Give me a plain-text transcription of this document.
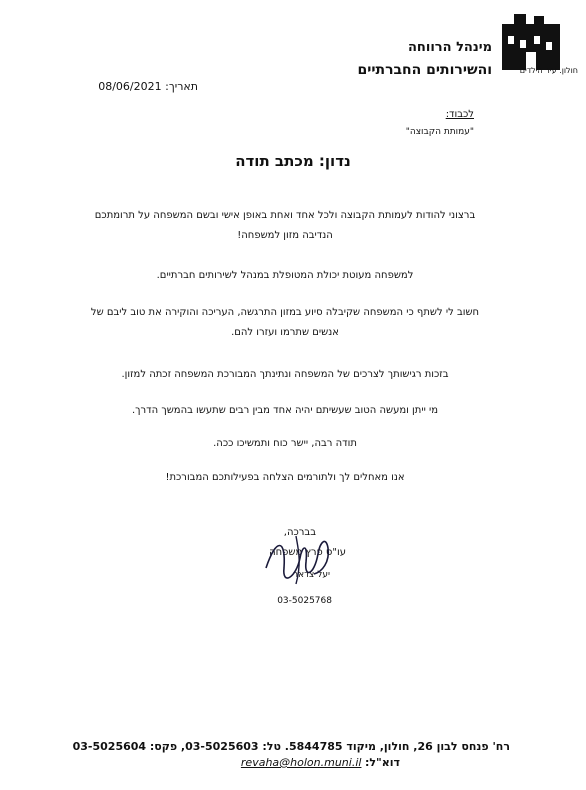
חולון. עיר הילדים
מינהל הרווחה
והשירותים החברתיים
תאריך: 08/06/2021
לכבוד:
"עמותת הקבוצה"
נדון: מכתב תודה
ברצוני להודות לעמותת הקבוצה ולכל אחד ואחת באופן אישי ובשם המשפחה על תרומתכם
הנדיבה מזון למשפחה!
למשפחה מעוטת יכולת המטופלת במנהל לשירותים חברתיים.
חשוב לי לשתף כי המשפחה שקיבלה סיוע במזון התרגשה, העריכה והוקירה את טוב ליבם של
אנשים שתרמו ועזרו להם.
בזכות רגישותך לצרכים של המשפחה ונתינתך המבורכת המשפחה זכתה למזון.
מי ייתן ומעשה הטוב שעשיתם יהיה אחד מבין רבים שתעשו בהמשך הדרך.
תודה רבה, יישר כוח ותמשיכו ככה.
אנו מאחלים לך ולתורמים הצלחה בפעילותכם המבורכת!
בברכה,
עו"ס פרץ משפחה
יעל צדאר
03-5025768
רח' פנחס לבון 26, חולון, מיקוד 5844785. טל: 03-5025603, פקס: 03-5025604
דוא"ל: revaha@holon.muni.il
